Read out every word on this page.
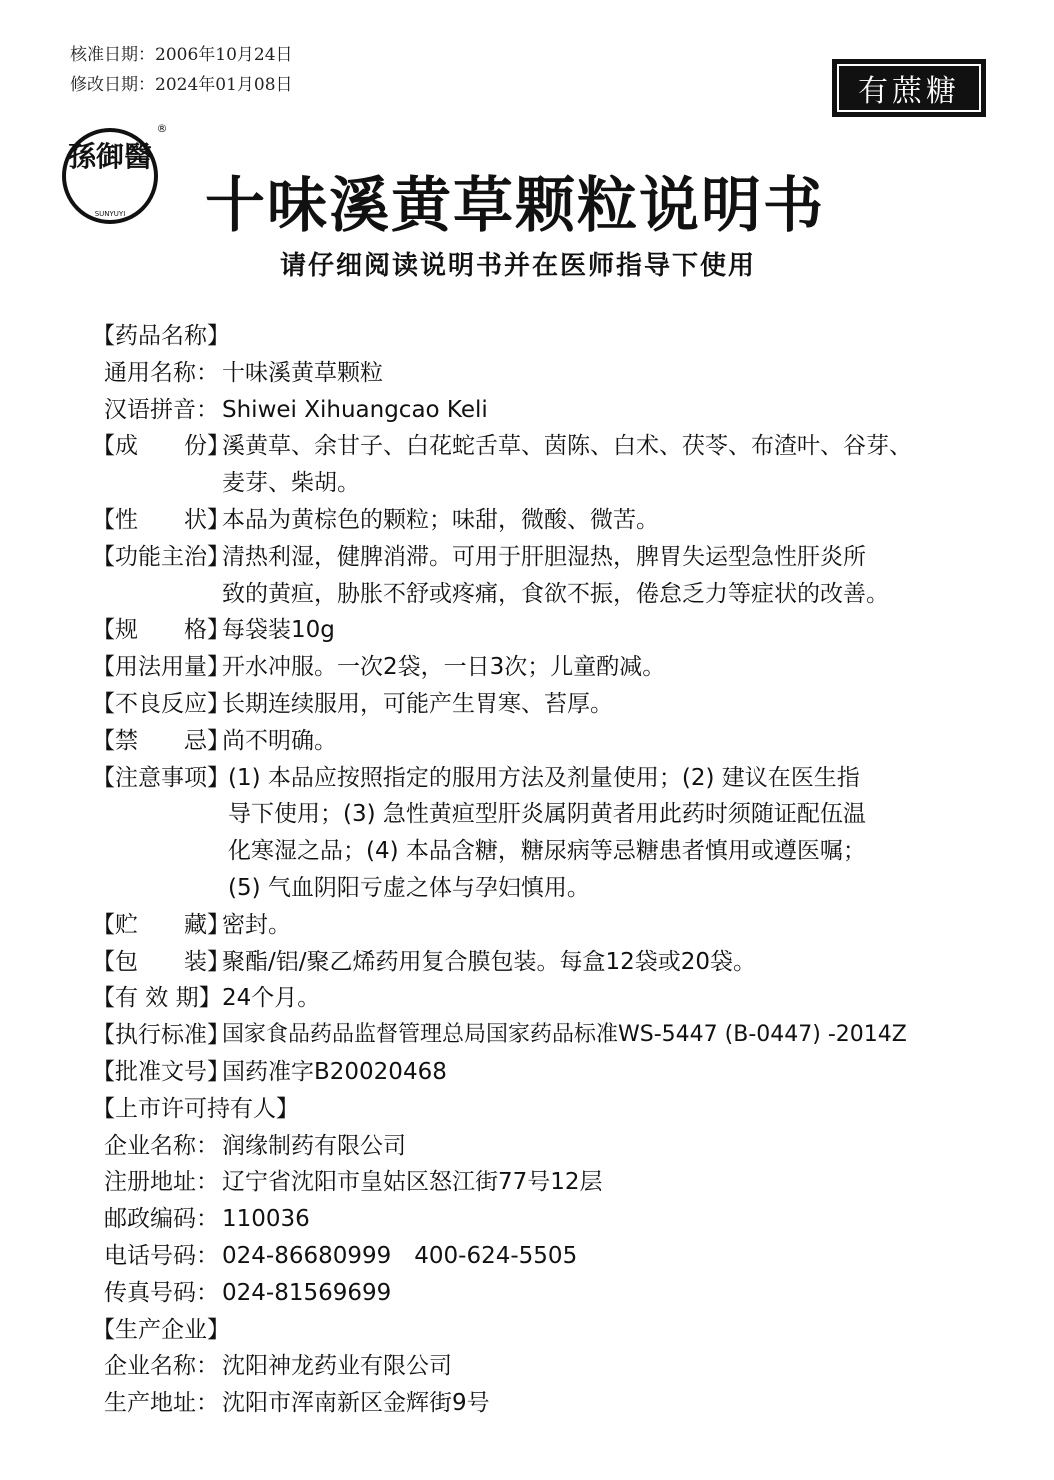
核准日期：2006年10月24日
修改日期：2024年01月08日	有蔗糖
孫御醫
SUNYUYI
®
十味溪黄草颗粒说明书
请仔细阅读说明书并在医师指导下使用
【药品名称】
通用名称： 十味溪黄草颗粒
汉语拼音： Shiwei Xihuangcao Keli
【成　　份】
溪黄草、余甘子、白花蛇舌草、茵陈、白术、茯苓、布渣叶、谷芽、
麦芽、柴胡。
【性　　状】
本品为黄棕色的颗粒；味甜，微酸、微苦。
【功能主治】
清热利湿，健脾消滞。可用于肝胆湿热，脾胃失运型急性肝炎所
致的黄疸，胁胀不舒或疼痛，食欲不振，倦怠乏力等症状的改善。
【规　　格】
每袋装10g
【用法用量】
开水冲服。一次2袋，一日3次；儿童酌减。
【不良反应】
长期连续服用，可能产生胃寒、苔厚。
【禁　　忌】
尚不明确。
【注意事项】
(1) 本品应按照指定的服用方法及剂量使用；(2) 建议在医生指
导下使用；(3) 急性黄疸型肝炎属阴黄者用此药时须随证配伍温
化寒湿之品；(4) 本品含糖，糖尿病等忌糖患者慎用或遵医嘱；
(5) 气血阴阳亏虚之体与孕妇慎用。
【贮　　藏】
密封。
【包　　装】
聚酯/铝/聚乙烯药用复合膜包装。每盒12袋或20袋。
【有 效 期】 24个月。
【执行标准】
国家食品药品监督管理总局国家药品标准WS-5447 (B-0447) -2014Z
【批准文号】
国药准字B20020468
【上市许可持有人】
企业名称： 润缘制药有限公司
注册地址： 辽宁省沈阳市皇姑区怒江街77号12层
邮政编码： 110036
电话号码： 024-86680999　400-624-5505
传真号码： 024-81569699
【生产企业】
企业名称： 沈阳神龙药业有限公司
生产地址： 沈阳市浑南新区金辉街9号
